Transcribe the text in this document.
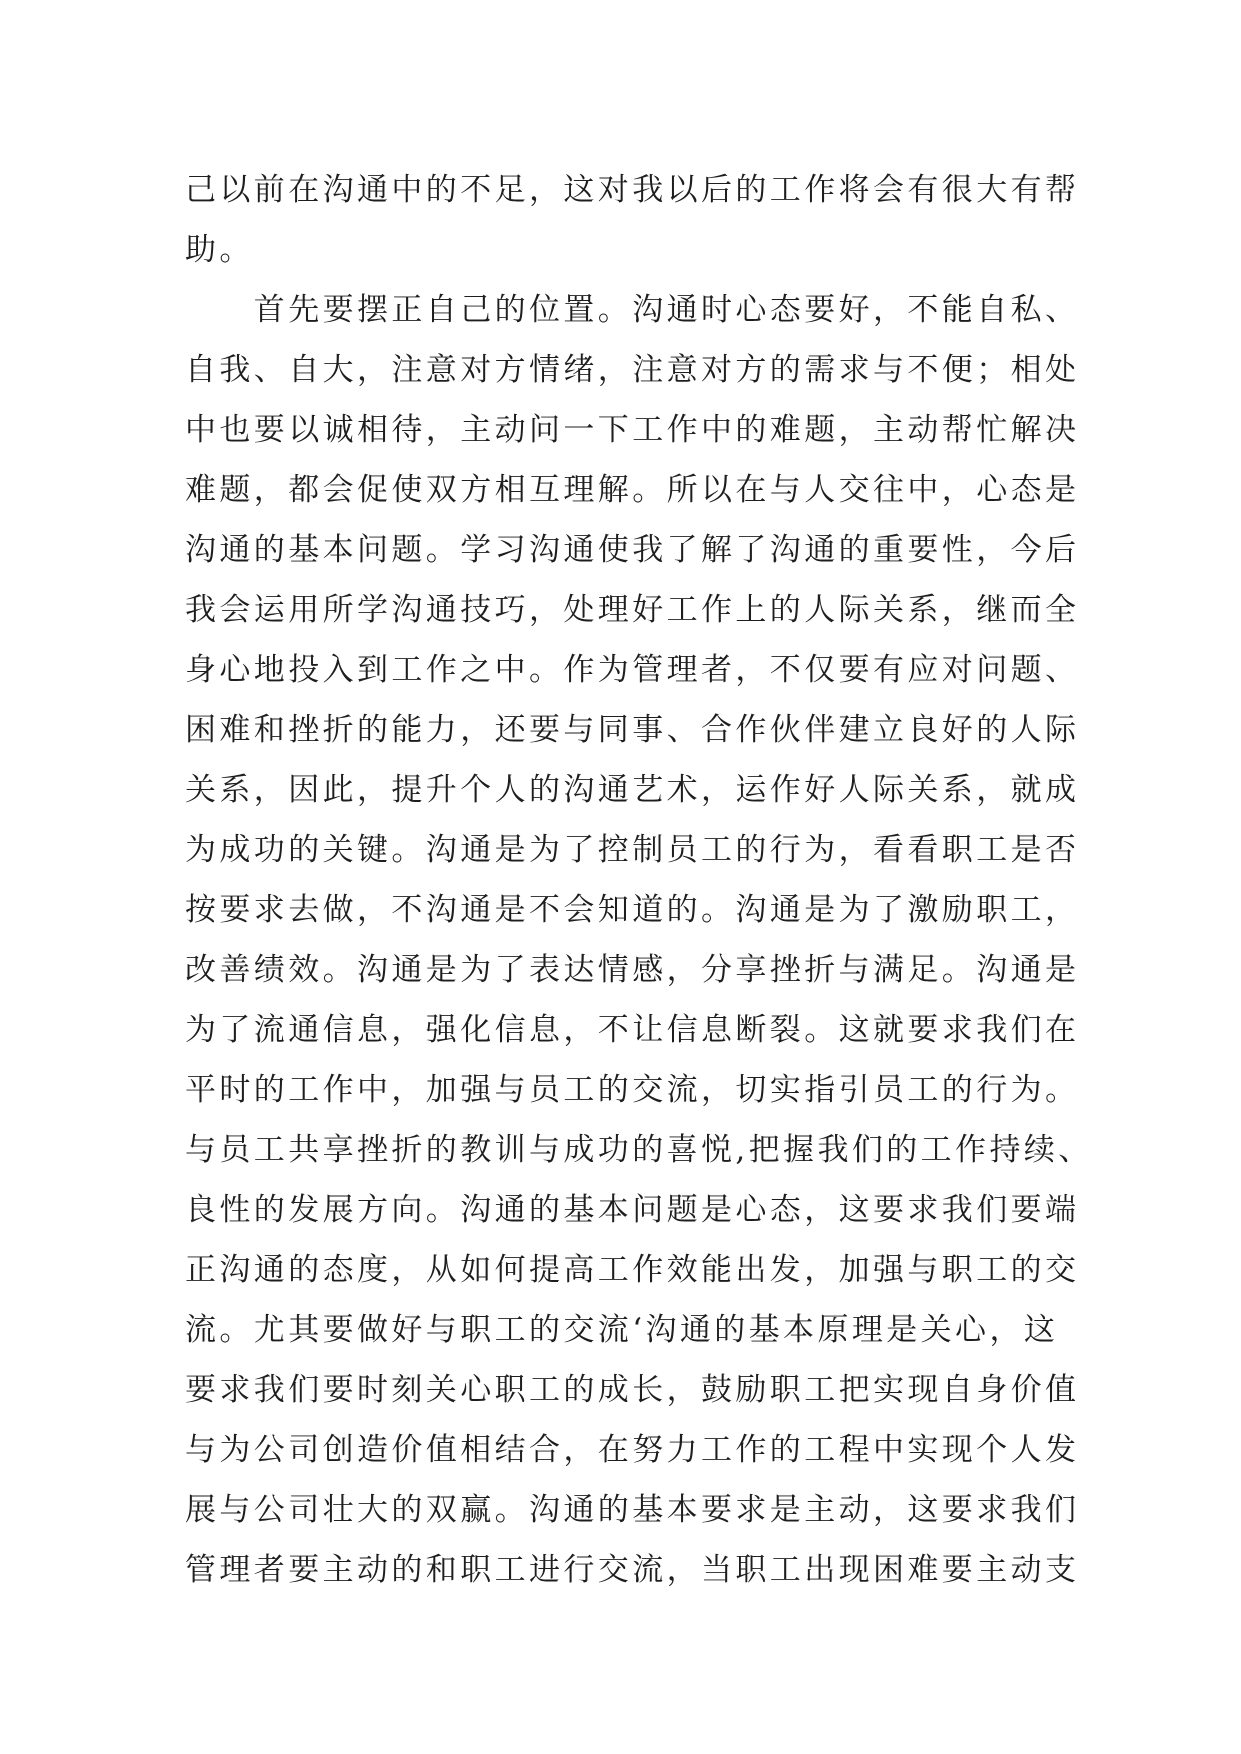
己以前在沟通中的不足，这对我以后的工作将会有很大有帮
助。
　　首先要摆正自己的位置。沟通时心态要好，不能自私、
自我、自大，注意对方情绪，注意对方的需求与不便；相处
中也要以诚相待，主动问一下工作中的难题，主动帮忙解决
难题，都会促使双方相互理解。所以在与人交往中，心态是
沟通的基本问题。学习沟通使我了解了沟通的重要性，今后
我会运用所学沟通技巧，处理好工作上的人际关系，继而全
身心地投入到工作之中。作为管理者，不仅要有应对问题、
困难和挫折的能力，还要与同事、合作伙伴建立良好的人际
关系，因此，提升个人的沟通艺术，运作好人际关系，就成
为成功的关键。沟通是为了控制员工的行为，看看职工是否
按要求去做，不沟通是不会知道的。沟通是为了激励职工，
改善绩效。沟通是为了表达情感，分享挫折与满足。沟通是
为了流通信息，强化信息，不让信息断裂。这就要求我们在
平时的工作中，加强与员工的交流，切实指引员工的行为。
与员工共享挫折的教训与成功的喜悦,把握我们的工作持续、
良性的发展方向。沟通的基本问题是心态，这要求我们要端
正沟通的态度，从如何提高工作效能出发，加强与职工的交
流。尤其要做好与职工的交流‘沟通的基本原理是关心，这
要求我们要时刻关心职工的成长，鼓励职工把实现自身价值
与为公司创造价值相结合，在努力工作的工程中实现个人发
展与公司壮大的双赢。沟通的基本要求是主动，这要求我们
管理者要主动的和职工进行交流，当职工出现困难要主动支
